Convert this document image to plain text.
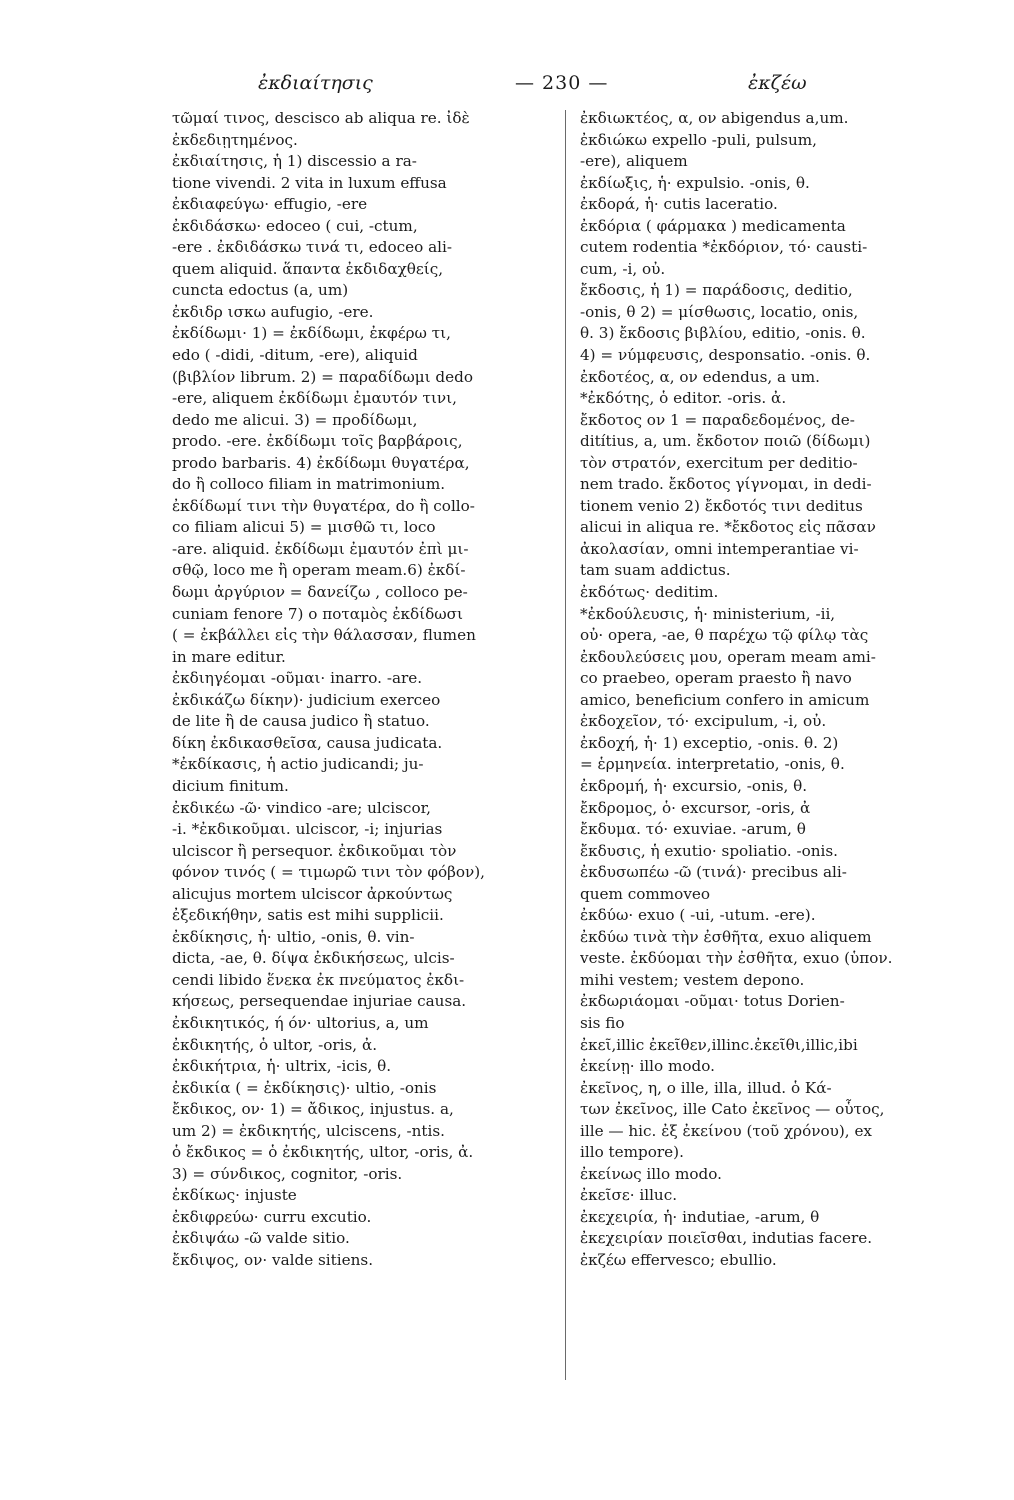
ἐκδιαίτησις	— 230 —	ἐκζέω
τῶμαί τινος, descisco ab aliqua re. ἰδὲ
ἐκδεδιῃτημένος.
ἐκδιαίτησις, ἡ 1) discessio a ra-
tione vivendi. 2 vita in luxum effusa
ἐκδιαφεύγω· effugio, -ere
ἐκδιδάσκω· edoceo ( cui, -ctum,
-ere . ἐκδιδάσκω τινά τι, edoceo ali-
quem aliquid. ἅπαντα ἐκδιδαχθείς,
cuncta edoctus (a, um)
ἐκδιδρ ισκω aufugio, -ere.
ἐκδίδωμι· 1) = ἐκδίδωμι, ἐκφέρω τι,
edo ( -didi, -ditum, -ere), aliquid
(βιβλίον librum. 2) = παραδίδωμι dedo
-ere, aliquem ἐκδίδωμι ἐμαυτόν τινι,
dedo me alicui. 3) = προδίδωμι,
prodo. -ere. ἐκδίδωμι τοῖς βαρβάροις,
prodo barbaris. 4) ἐκδίδωμι θυγατέρα,
do ἢ colloco filiam in matrimonium.
ἐκδίδωμί τινι τὴν θυγατέρα, do ἢ collo-
co filiam alicui 5) = μισθῶ τι, loco
-are. aliquid. ἐκδίδωμι ἐμαυτόν ἐπὶ μι-
σθῷ, loco me ἢ operam meam.6) ἐκδί-
δωμι ἀργύριον = δανείζω , colloco pe-
cuniam fenore 7) ο ποταμὸς ἐκδίδωσι
( = ἐκβάλλει εἰς τὴν θάλασσαν, flumen
in mare editur.
ἐκδιηγέομαι -οῦμαι· inarro. -are.
ἐκδικάζω δίκην)· judicium exerceo
de lite ἢ de causa judico ἢ statuo.
δίκη ἐκδικασθεῖσα, causa judicata.
*ἐκδίκασις, ἡ actio judicandi; ju-
dicium finitum.
ἐκδικέω -ῶ· vindico -are; ulciscor,
-i. *ἐκδικοῦμαι. ulciscor, -i; injurias
ulciscor ἢ persequor. ἐκδικοῦμαι τὸν
φόνον τινός ( = τιμωρῶ τινι τὸν φόβον),
alicujus mortem ulciscor ἀρκούντως
ἐξεδικήθην, satis est mihi supplicii.
ἐκδίκησις, ἡ· ultio, -onis, θ. vin-
dicta, -ae, θ. δίψα ἐκδικήσεως, ulcis-
cendi libido ἕνεκα ἐκ πνεύματος ἐκδι-
κήσεως, persequendae injuriae causa.
ἐκδικητικός, ή όν· ultorius, a, um
ἐκδικητής, ὁ ultor, -oris, ἀ.
ἐκδικήτρια, ἡ· ultrix, -icis, θ.
ἐκδικία ( = ἐκδίκησις)· ultio, -onis
ἔκδικος, ον· 1) = ἄδικος, injustus. a,
um 2) = ἐκδικητής, ulciscens, -ntis.
ὁ ἔκδικος = ὁ ἐκδικητής, ultor, -oris, ἀ.
3) = σύνδικος, cognitor, -oris.
ἐκδίκως· injuste
ἐκδιφρεύω· curru excutio.
ἐκδιψάω -ῶ valde sitio.
ἔκδιψος, ον· valde sitiens.
ἐκδιωκτέος, α, ον abigendus a,um.
ἐκδιώκω expello -puli, pulsum,
-ere), aliquem
ἐκδίωξις, ἡ· expulsio. -onis, θ.
ἐκδορά, ἡ· cutis laceratio.
ἐκδόρια ( φάρμακα ) medicamenta
cutem rodentia *ἐκδόριον, τό· causti-
cum, -i, οὐ.
ἔκδοσις, ἡ 1) = παράδοσις, deditio,
-onis, θ 2) = μίσθωσις, locatio, onis,
θ. 3) ἔκδοσις βιβλίου, editio, -onis. θ.
4) = νύμφευσις, desponsatio. -onis. θ.
ἐκδοτέος, α, ον edendus, a um.
*ἐκδότης, ὁ editor. -oris. ἀ.
ἔκδοτος ον 1 = παραδεδομένος, de-
ditítius, a, um. ἔκδοτον ποιῶ (δίδωμι)
τὸν στρατόν, exercitum per deditio-
nem trado. ἔκδοτος γίγνομαι, in dedi-
tionem venio 2) ἔκδοτός τινι deditus
alicui in aliqua re. *ἔκδοτος εἰς πᾶσαν
ἀκολασίαν, omni intemperantiae vi-
tam suam addictus.
ἐκδότως· deditim.
*ἐκδούλευσις, ἡ· ministerium, -ii,
οὐ· opera, -ae, θ παρέχω τῷ φίλῳ τὰς
ἐκδουλεύσεις μου, operam meam ami-
co praebeo, operam praesto ἢ navo
amico, beneficium confero in amicum
ἐκδοχεῖον, τό· excipulum, -i, οὐ.
ἐκδοχή, ἡ· 1) exceptio, -onis. θ. 2)
= ἑρμηνεία. interpretatio, -onis, θ.
ἐκδρομή, ἡ· excursio, -onis, θ.
ἔκδρομος, ὁ· excursor, -oris, ἀ
ἔκδυμα. τό· exuviae. -arum, θ
ἔκδυσις, ἡ exutio· spoliatio. -onis.
ἐκδυσωπέω -ῶ (τινά)· precibus ali-
quem commoveo
ἐκδύω· exuo ( -ui, -utum. -ere).
ἐκδύω τινὰ τὴν ἐσθῆτα, exuo aliquem
veste. ἐκδύομαι τὴν ἐσθῆτα, exuo (ὑπον.
mihi vestem; vestem depono.
ἐκδωριάομαι -οῦμαι· totus Dorien-
sis fio
ἐκεῖ,illic ἐκεῖθεν,illinc.ἐκεῖθι,illic,ibi
ἐκείνῃ· illo modo.
ἐκεῖνος, η, ο ille, illa, illud. ὁ Κά-
των ἐκεῖνος, ille Cato ἐκεῖνος — οὗτος,
ille — hic. ἐξ ἐκείνου (τοῦ χρόνου), ex
illo tempore).
ἐκείνως illo modo.
ἐκεῖσε· illuc.
ἐκεχειρία, ἡ· indutiae, -arum, θ
ἐκεχειρίαν ποιεῖσθαι, indutias facere.
ἐκζέω effervesco; ebullio.
